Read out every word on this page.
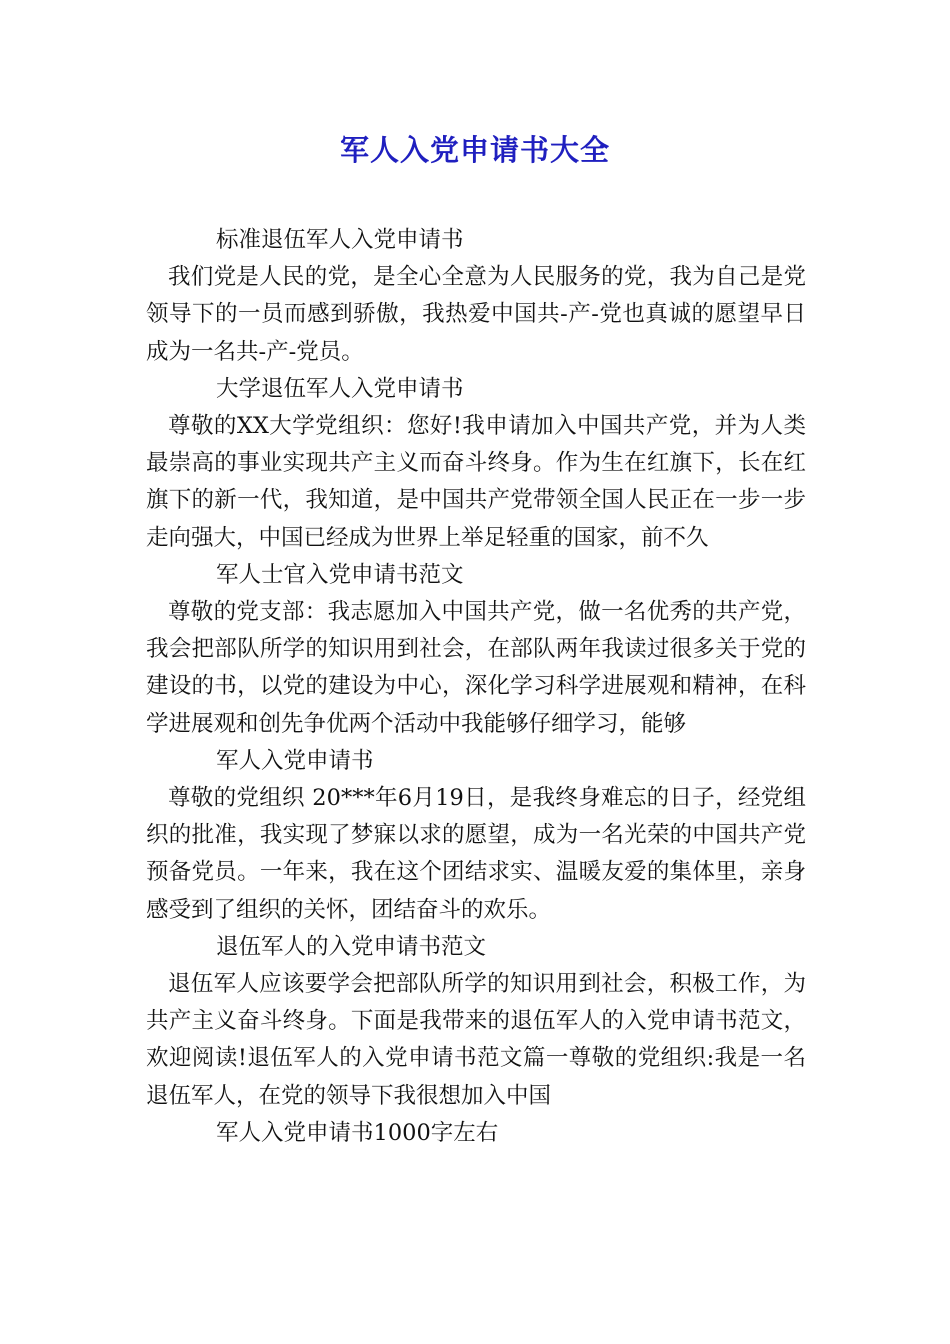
军人入党申请书大全

标准退伍军人入党申请书

我们党是人民的党，是全心全意为人民服务的党，我为自己是党领导下的一员而感到骄傲，我热爱中国共-产-党也真诚的愿望早日成为一名共-产-党员。

大学退伍军人入党申请书

尊敬的XX大学党组织：您好!我申请加入中国共产党，并为人类最崇高的事业实现共产主义而奋斗终身。作为生在红旗下，长在红旗下的新一代，我知道，是中国共产党带领全国人民正在一步一步走向强大，中国已经成为世界上举足轻重的国家，前不久

军人士官入党申请书范文

尊敬的党支部：我志愿加入中国共产党，做一名优秀的共产党，我会把部队所学的知识用到社会，在部队两年我读过很多关于党的建设的书，以党的建设为中心，深化学习科学进展观和精神，在科学进展观和创先争优两个活动中我能够仔细学习，能够

军人入党申请书

尊敬的党组织 20***年6月19日，是我终身难忘的日子，经党组织的批准，我实现了梦寐以求的愿望，成为一名光荣的中国共产党预备党员。一年来，我在这个团结求实、温暖友爱的集体里，亲身感受到了组织的关怀，团结奋斗的欢乐。

退伍军人的入党申请书范文

退伍军人应该要学会把部队所学的知识用到社会，积极工作，为共产主义奋斗终身。下面是我带来的退伍军人的入党申请书范文，欢迎阅读!退伍军人的入党申请书范文篇一尊敬的党组织:我是一名退伍军人，在党的领导下我很想加入中国

军人入党申请书1000字左右
